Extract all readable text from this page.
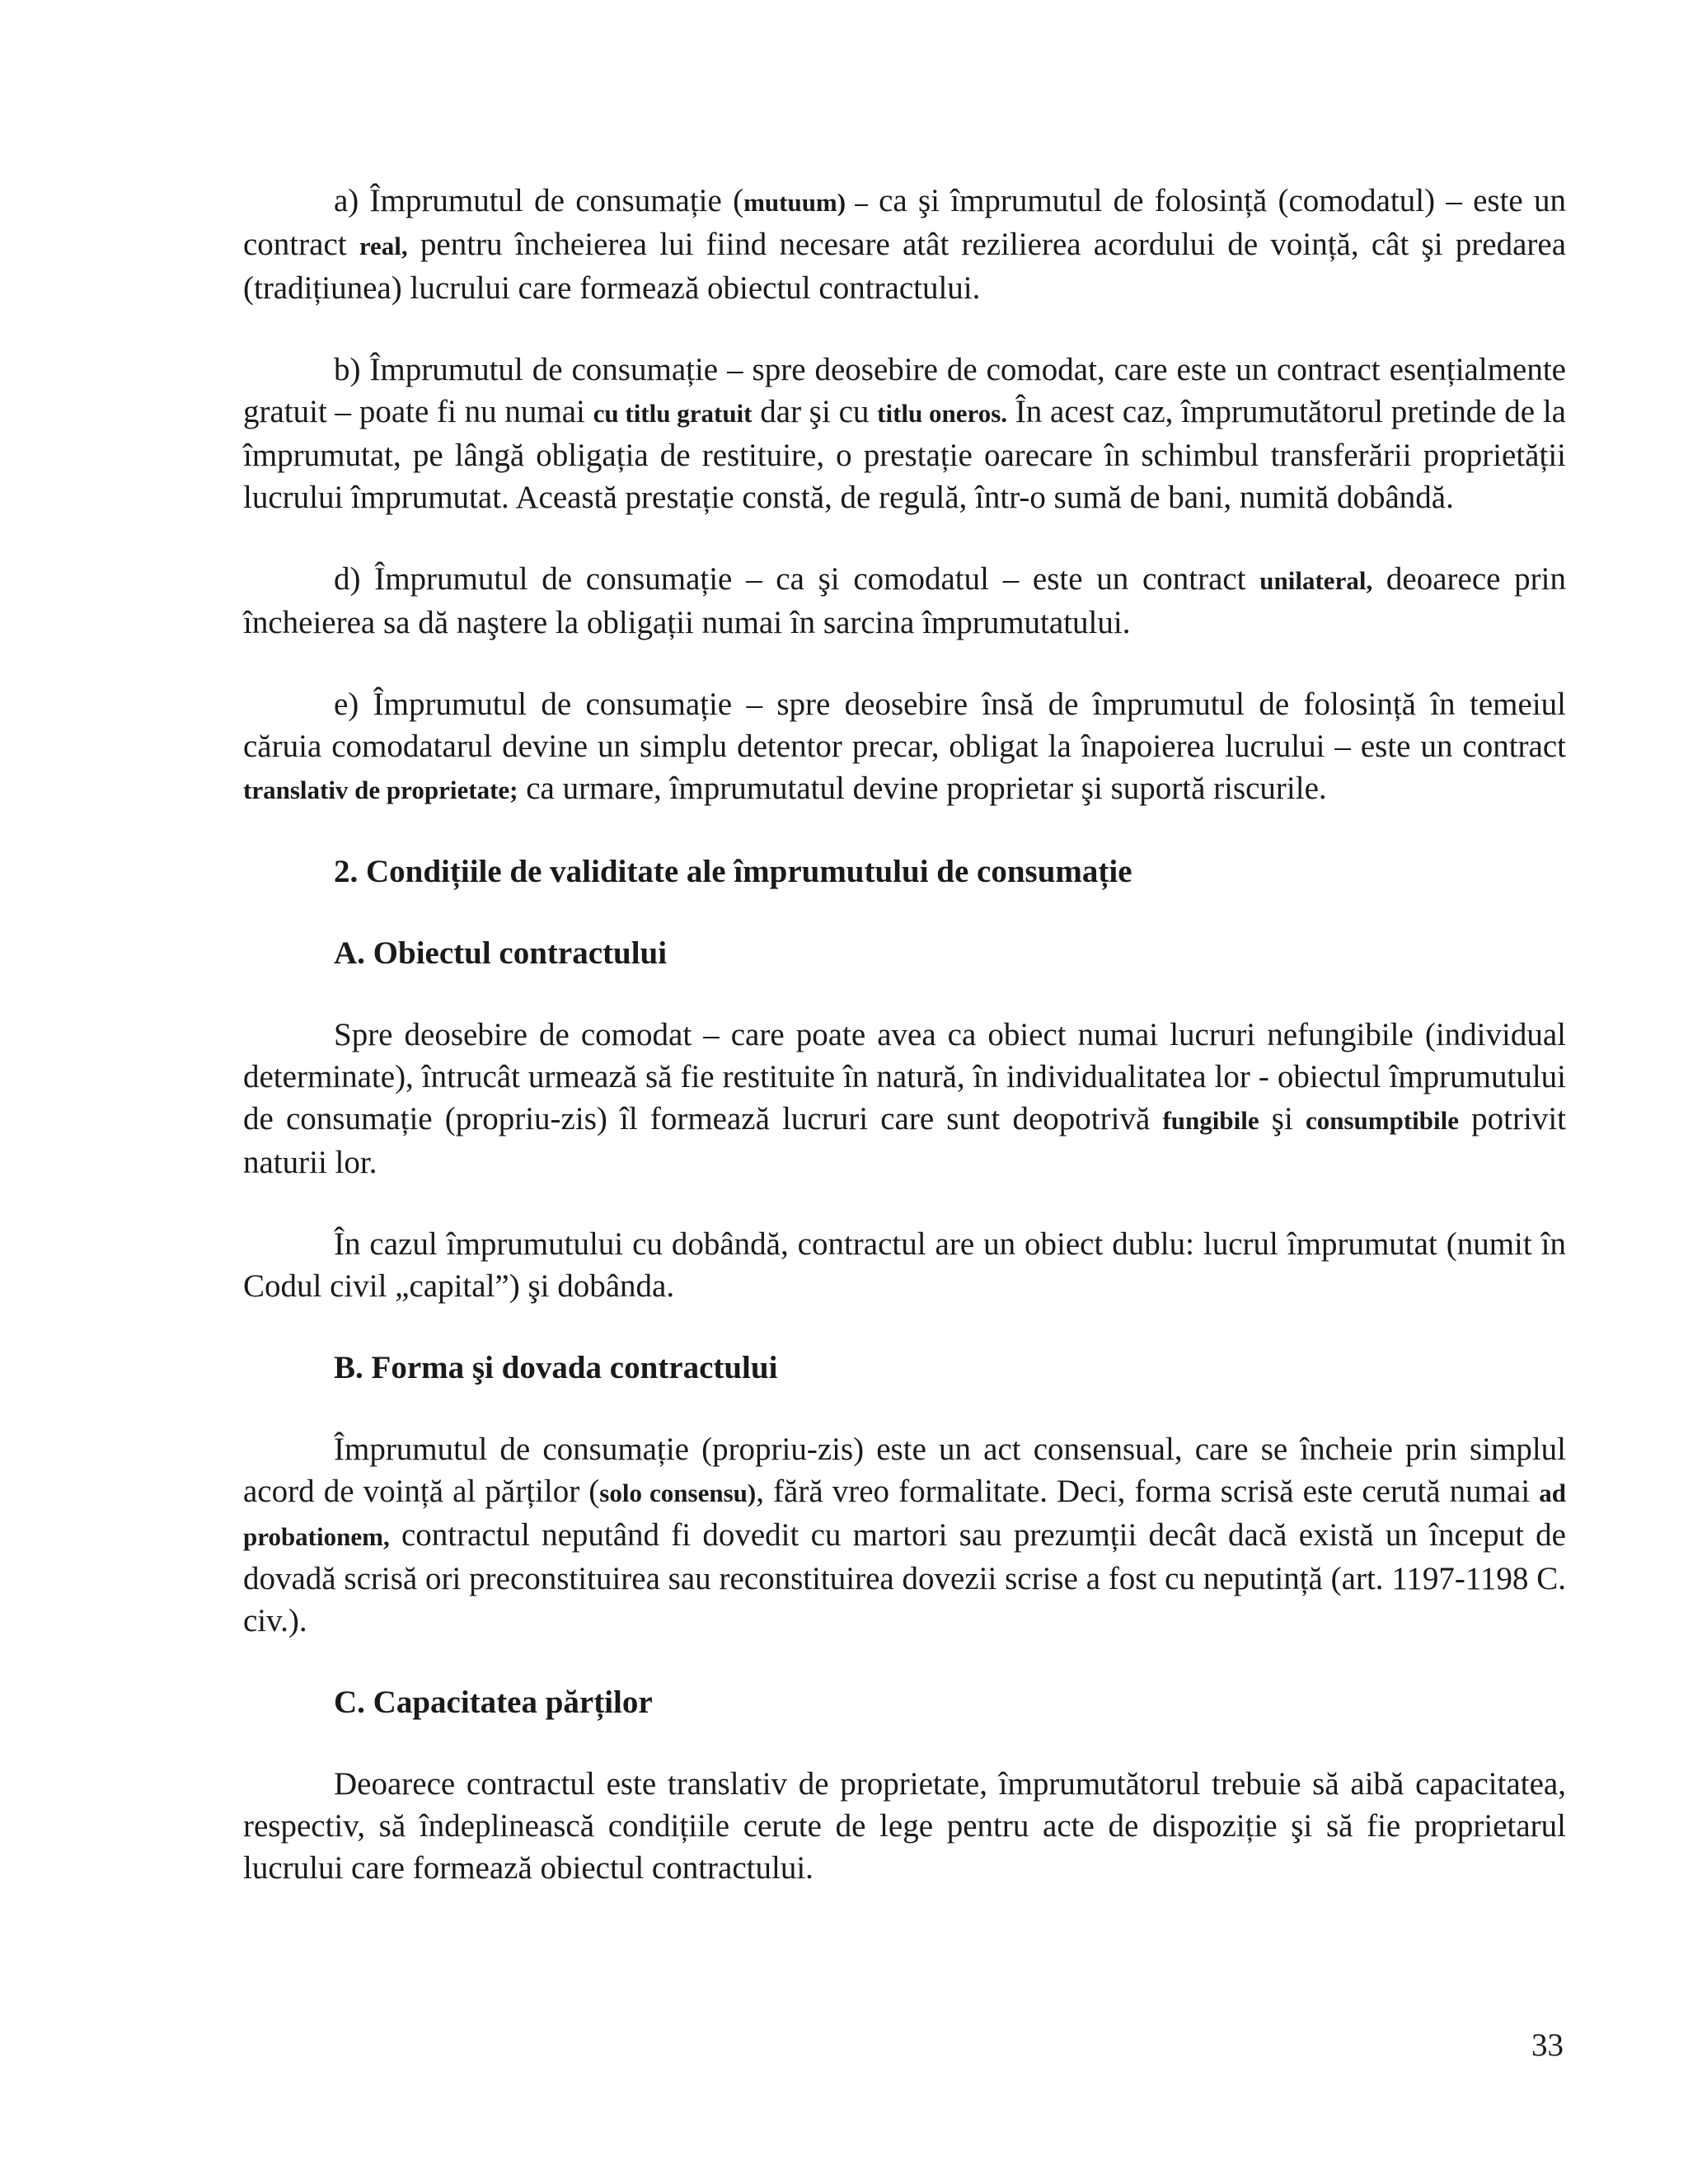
a) Împrumutul de consumație (mutuum) – ca şi împrumutul de folosință (comodatul) – este un contract real, pentru încheierea lui fiind necesare atât rezilierea acordului de voință, cât şi predarea (tradițiunea) lucrului care formează obiectul contractului.

b) Împrumutul de consumație – spre deosebire de comodat, care este un contract esențialmente gratuit – poate fi nu numai cu titlu gratuit dar şi cu titlu oneros. În acest caz, împrumutătorul pretinde de la împrumutat, pe lângă obligația de restituire, o prestație oarecare în schimbul transferării proprietății lucrului împrumutat. Această prestație constă, de regulă, într-o sumă de bani, numită dobândă.

d) Împrumutul de consumație – ca şi comodatul – este un contract unilateral, deoarece prin încheierea sa dă naştere la obligații numai în sarcina împrumutatului.

e) Împrumutul de consumație – spre deosebire însă de împrumutul de folosință în temeiul căruia comodatarul devine un simplu detentor precar, obligat la înapoierea lucrului – este un contract translativ de proprietate; ca urmare, împrumutatul devine proprietar şi suportă riscurile.

2. Condițiile de validitate ale împrumutului de consumație
A. Obiectul contractului

Spre deosebire de comodat – care poate avea ca obiect numai lucruri nefungibile (individual determinate), întrucât urmează să fie restituite în natură, în individualitatea lor - obiectul împrumutului de consumație (propriu-zis) îl formează lucruri care sunt deopotrivă fungibile şi consumptibile potrivit naturii lor.

În cazul împrumutului cu dobândă, contractul are un obiect dublu: lucrul împrumutat (numit în Codul civil „capital”) şi dobânda.

B. Forma şi dovada contractului

Împrumutul de consumație (propriu-zis) este un act consensual, care se încheie prin simplul acord de voință al părților (solo consensu), fără vreo formalitate. Deci, forma scrisă este cerută numai ad probationem, contractul neputând fi dovedit cu martori sau prezumții decât dacă există un început de dovadă scrisă ori preconstituirea sau reconstituirea dovezii scrise a fost cu neputință (art. 1197-1198 C. civ.).

C. Capacitatea părților

Deoarece contractul este translativ de proprietate, împrumutătorul trebuie să aibă capacitatea, respectiv, să îndeplinească condițiile cerute de lege pentru acte de dispoziție şi să fie proprietarul lucrului care formează obiectul contractului.

33
